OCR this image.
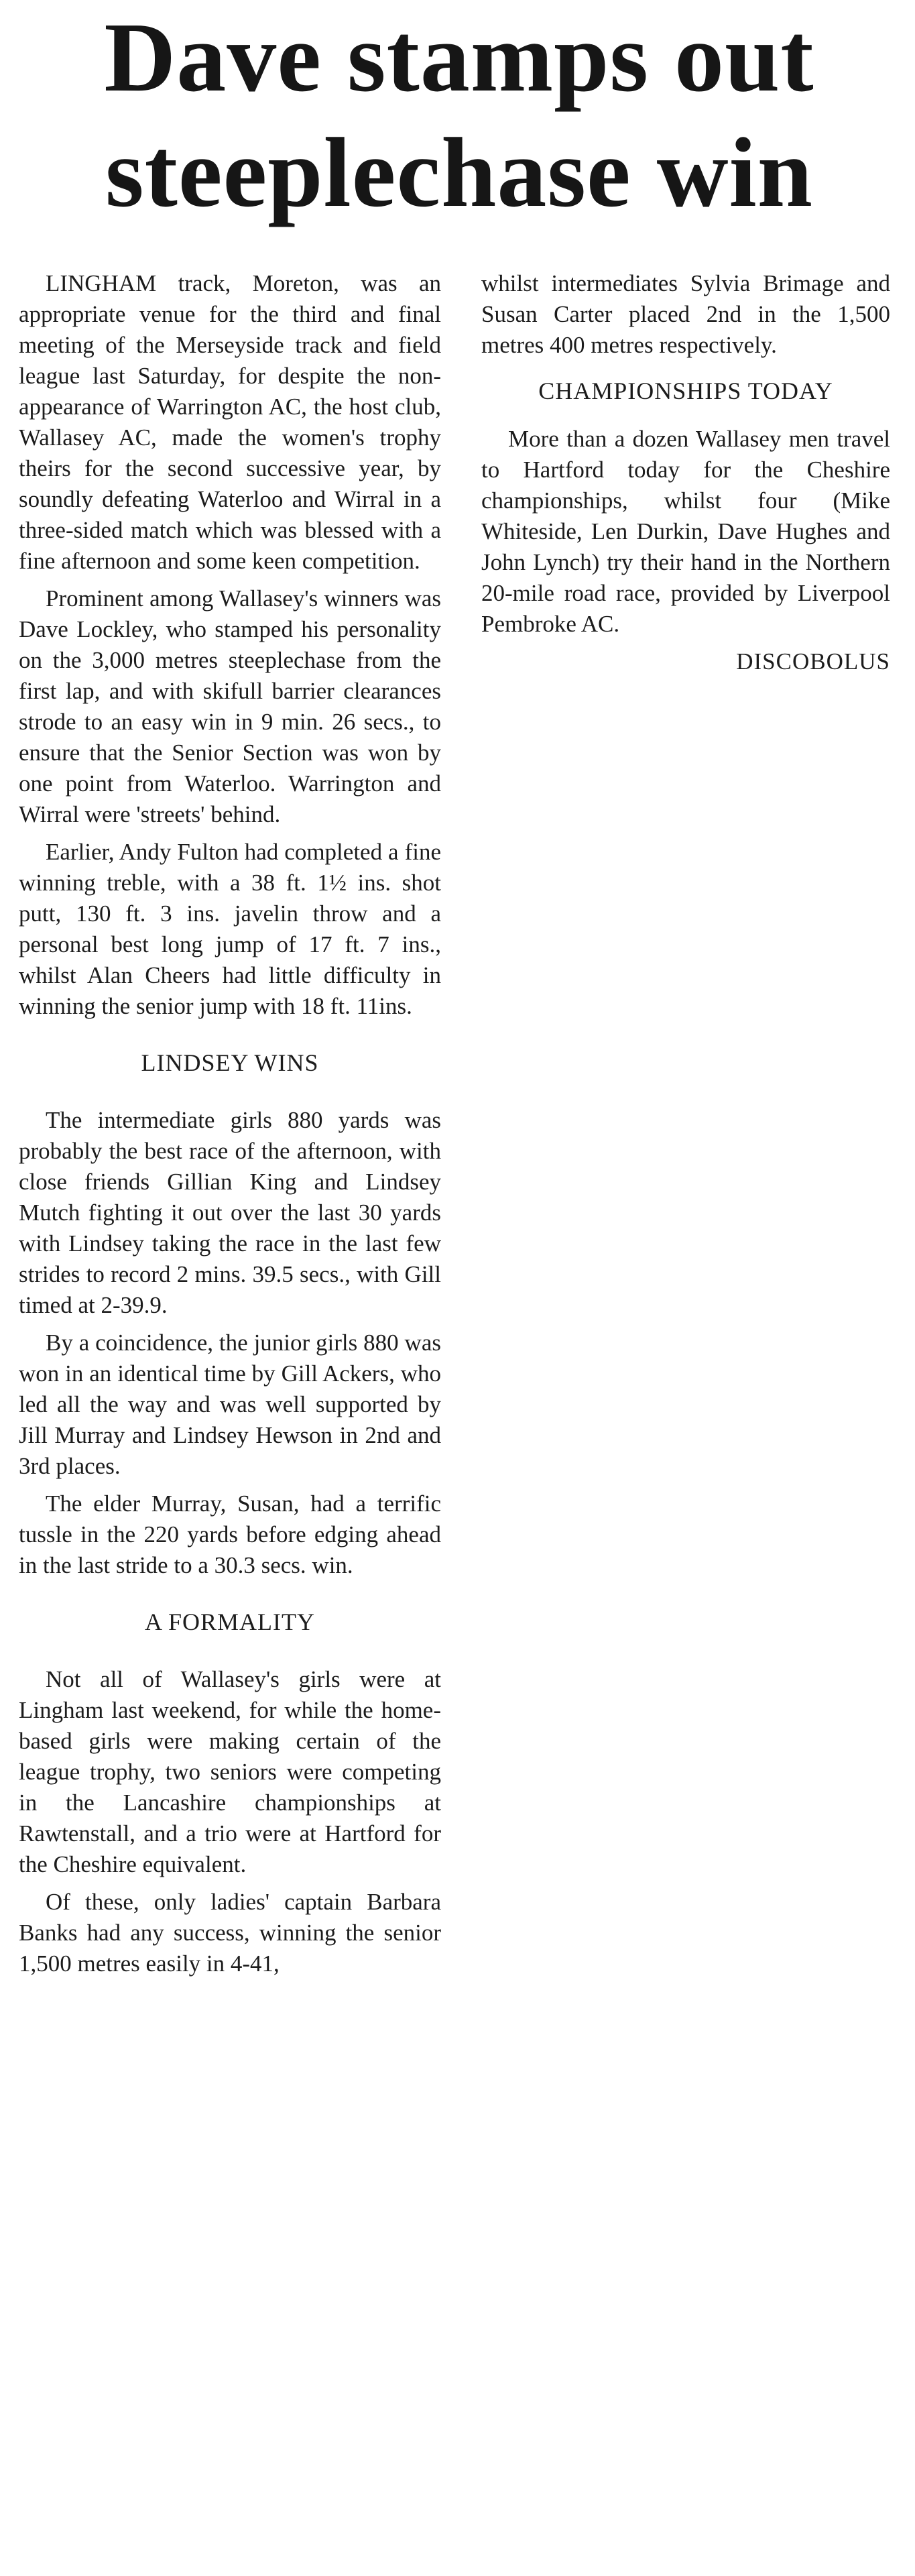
Dave stamps out
steeplechase win

LINGHAM track, Moreton, was an appropriate venue for the third and final meeting of the Merseyside track and field league last Saturday, for despite the non-appearance of Warrington AC, the host club, Wallasey AC, made the women's trophy theirs for the second successive year, by soundly defeating Waterloo and Wirral in a three-sided match which was blessed with a fine afternoon and some keen competition.

Prominent among Wallasey's winners was Dave Lockley, who stamped his personality on the 3,000 metres steeplechase from the first lap, and with skifull barrier clearances strode to an easy win in 9 min. 26 secs., to ensure that the Senior Section was won by one point from Waterloo. Warrington and Wirral were 'streets' behind.

Earlier, Andy Fulton had completed a fine winning treble, with a 38 ft. 1½ ins. shot putt, 130 ft. 3 ins. javelin throw and a personal best long jump of 17 ft. 7 ins., whilst Alan Cheers had little difficulty in winning the senior jump with 18 ft. 11ins.

LINDSEY WINS

The intermediate girls 880 yards was probably the best race of the afternoon, with close friends Gillian King and Lindsey Mutch fighting it out over the last 30 yards with Lindsey taking the race in the last few strides to record 2 mins. 39.5 secs., with Gill timed at 2-39.9.

By a coincidence, the junior girls 880 was won in an identical time by Gill Ackers, who led all the way and was well supported by Jill Murray and Lindsey Hewson in 2nd and 3rd places.

The elder Murray, Susan, had a terrific tussle in the 220 yards before edging ahead in the last stride to a 30.3 secs. win.

A FORMALITY

Not all of Wallasey's girls were at Lingham last weekend, for while the home-based girls were making certain of the league trophy, two seniors were competing in the Lancashire championships at Rawtenstall, and a trio were at Hartford for the Cheshire equivalent.

Of these, only ladies' captain Barbara Banks had any success, winning the senior 1,500 metres easily in 4-41,

whilst intermediates Sylvia Brimage and Susan Carter placed 2nd in the 1,500 metres 400 metres respectively.

CHAMPIONSHIPS TODAY

More than a dozen Wallasey men travel to Hartford today for the Cheshire championships, whilst four (Mike Whiteside, Len Durkin, Dave Hughes and John Lynch) try their hand in the Northern 20-mile road race, provided by Liverpool Pembroke AC.

DISCOBOLUS
